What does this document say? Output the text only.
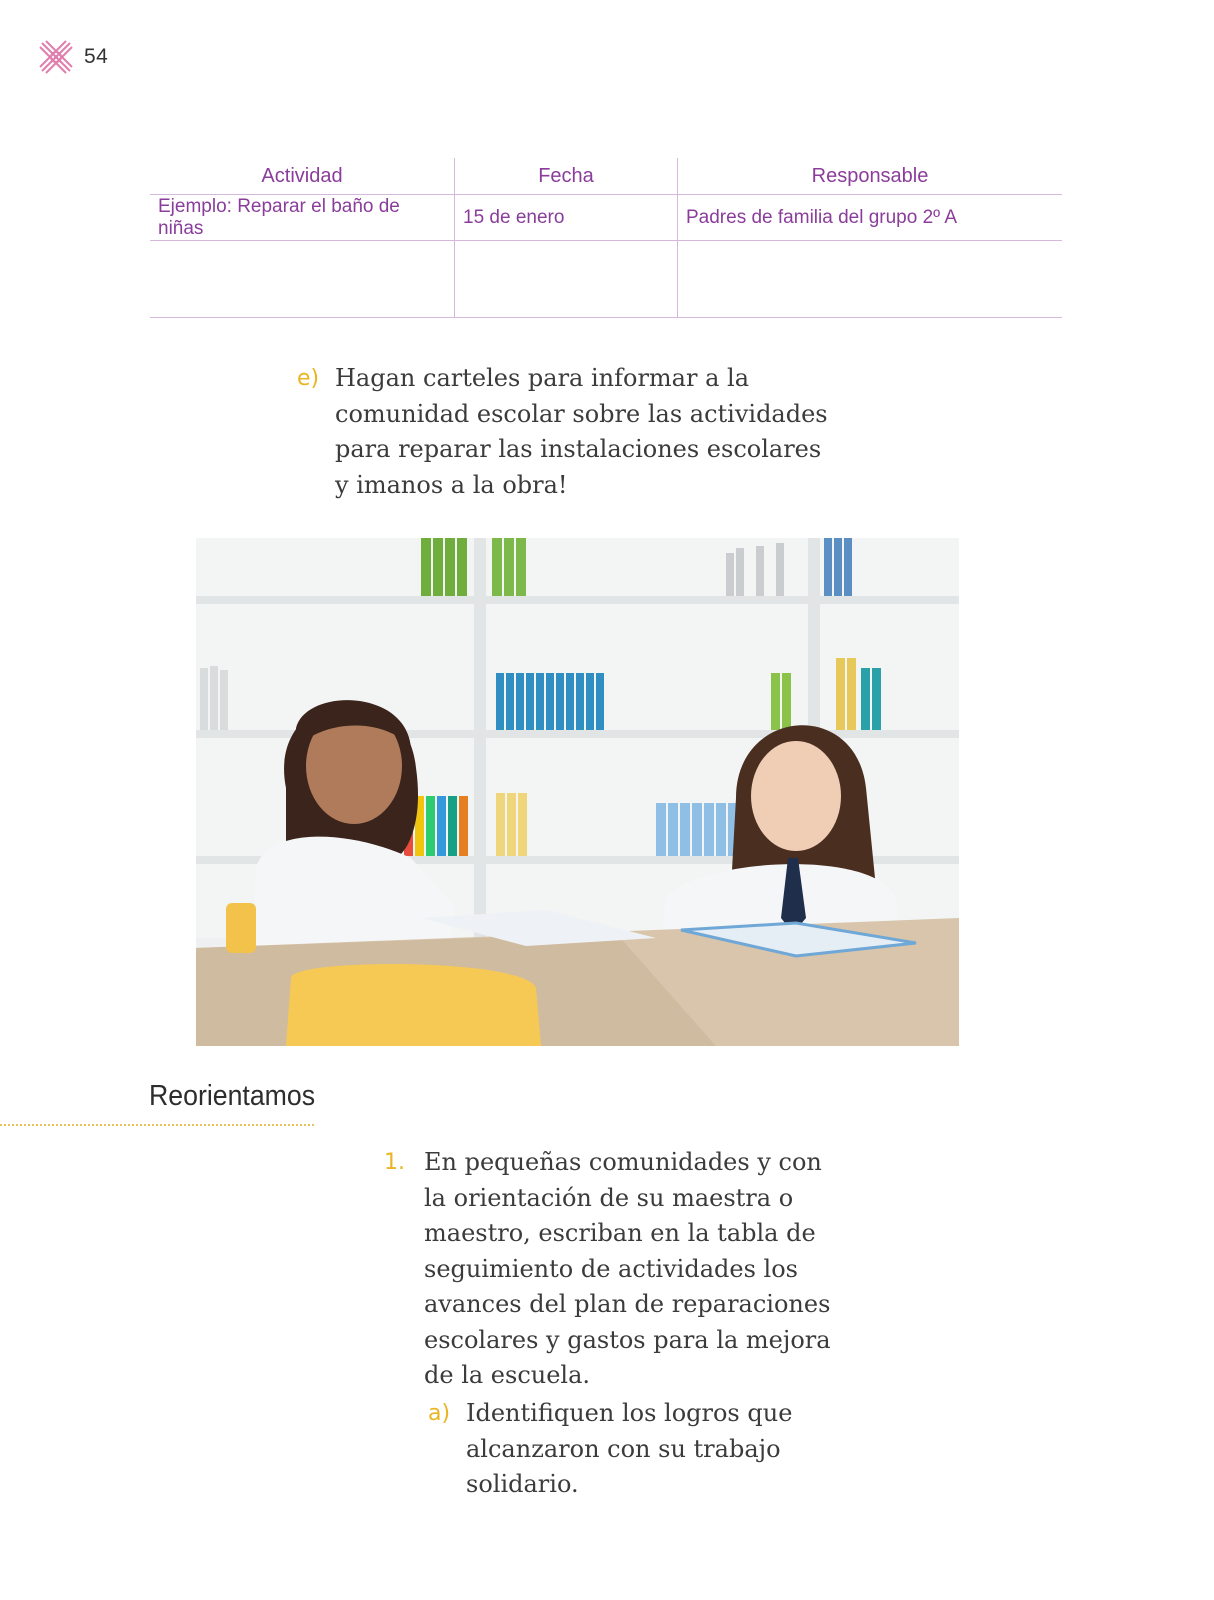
54
Actividad	Fecha	Responsable
Ejemplo: Reparar el baño de niñas	15 de enero	Padres de familia del grupo 2º A

e) Hagan carteles para informar a la
comunidad escolar sobre las actividades
para reparar las instalaciones escolares
y imanos a la obra!
Reorientamos
1. En pequeñas comunidades y con
la orientación de su maestra o
maestro, escriban en la tabla de
seguimiento de actividades los
avances del plan de reparaciones
escolares y gastos para la mejora
de la escuela.
a) Identifiquen los logros que
alcanzaron con su trabajo
solidario.
